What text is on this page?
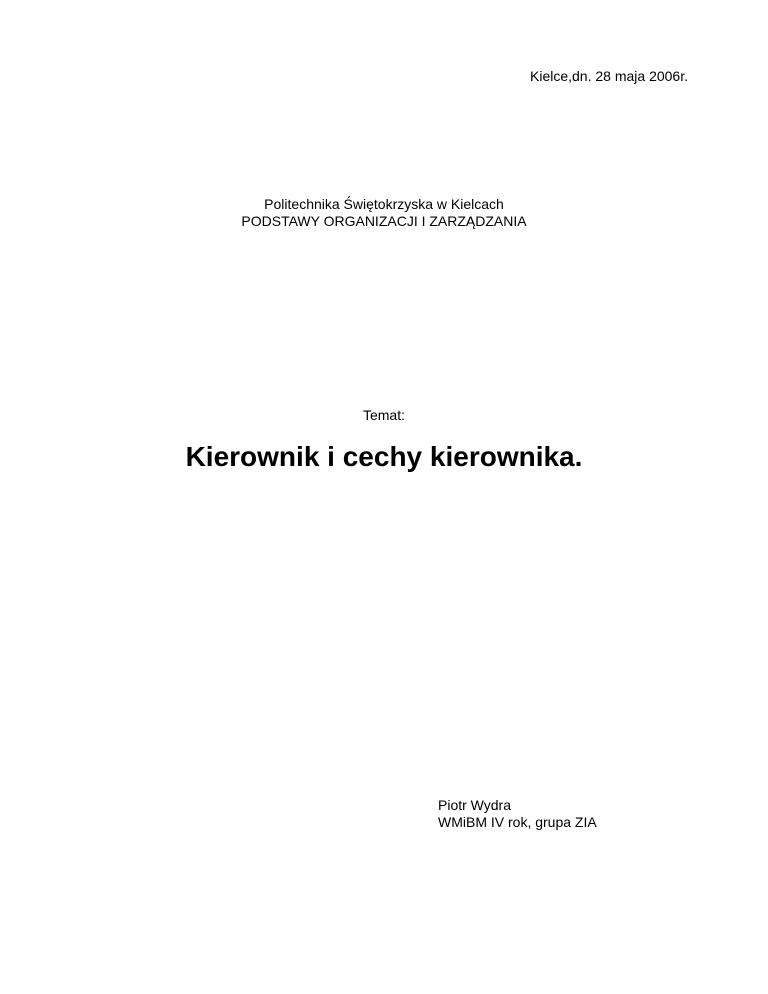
Kielce,dn. 28 maja 2006r.
Politechnika Świętokrzyska w Kielcach
PODSTAWY ORGANIZACJI I ZARZĄDZANIA
Temat:
Kierownik i cechy kierownika.
Piotr Wydra
WMiBM IV rok, grupa ZIA
